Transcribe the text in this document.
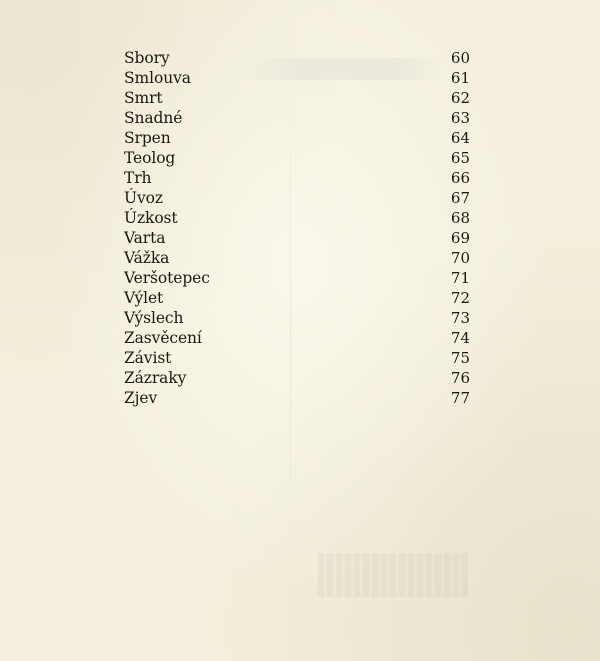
Sbory	60
Smlouva	61
Smrt	62
Snadné	63
Srpen	64
Teolog	65
Trh	66
Úvoz	67
Úzkost	68
Varta	69
Vážka	70
Veršotepec	71
Výlet	72
Výslech	73
Zasvěcení	74
Závist	75
Zázraky	76
Zjev	77
